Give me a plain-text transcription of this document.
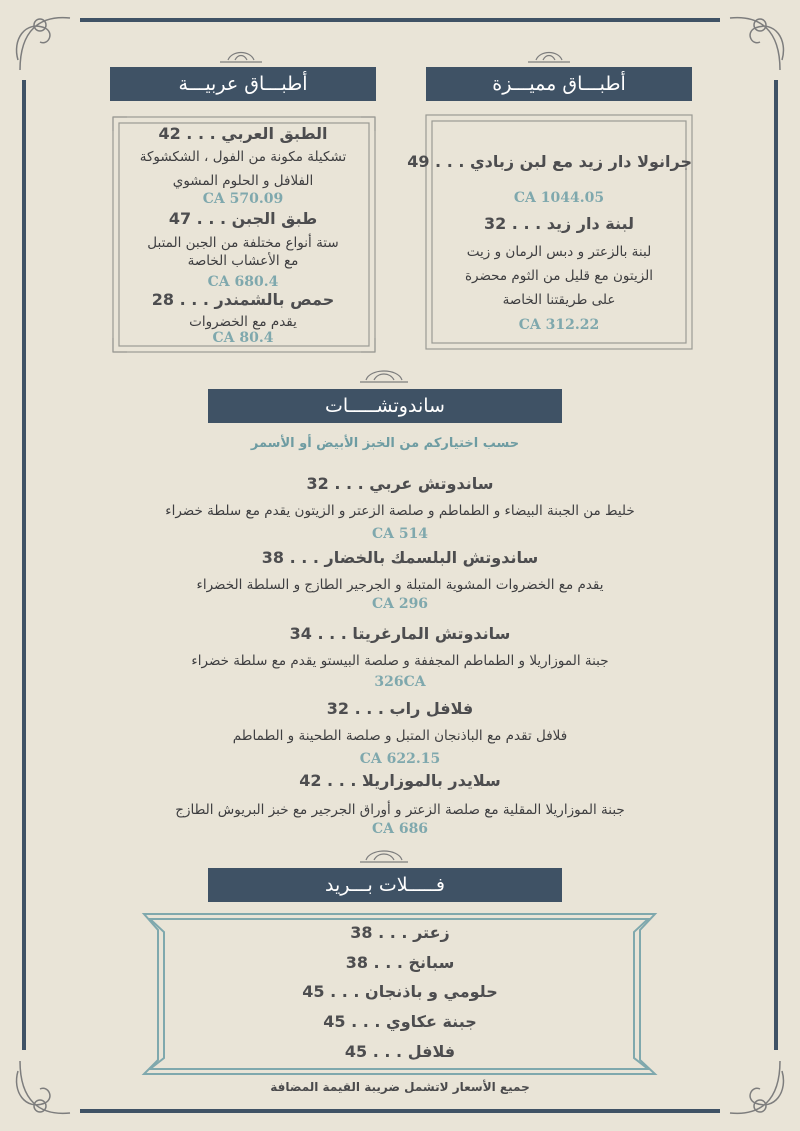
أطبـــاق مميـــزة
جرانولا دار زيد مع لبن زبادي . . . 49
1044.05 CA
لبنة دار زيد . . . 32
لبنة بالزعتر و دبس الرمان و زيت
الزيتون مع قليل من الثوم محضرة
على طريقتنا الخاصة
312.22 CA
أطبـــاق عربيـــة
الطبق العربي . . . 42
تشكيلة مكونة من الفول ، الشكشوكة
الفلافل و الحلوم المشوي
570.09 CA
طبق الجبن . . . 47
ستة أنواع مختلفة من الجبن المتبل
مع الأعشاب الخاصة
680.4 CA
حمص بالشمندر . . . 28
يقدم مع الخضروات
80.4 CA
ساندوتشـــــات
حسب اختياركم من الخبز الأبيض أو الأسمر
ساندوتش عربي . . . 32
خليط من الجبنة البيضاء و الطماطم و صلصة الزعتر و الزيتون يقدم مع سلطة خضراء
514 CA
ساندوتش البلسمك بالخضار . . . 38
يقدم مع الخضروات المشوية المتبلة و الجرجير الطازج و السلطة الخضراء
296 CA
ساندوتش المارغريتا . . . 34
جبنة الموزاريلا و الطماطم المجففة و صلصة البيستو يقدم مع سلطة خضراء
326CA
فلافل راب . . . 32
فلافل تقدم مع الباذنجان المتبل و صلصة الطحينة و الطماطم
622.15 CA
سلايدر بالموزاريلا . . . 42
جبنة الموزاريلا المقلية مع صلصة الزعتر و أوراق الجرجير مع خبز البريوش الطازج
686 CA
فـــــلات بـــريد
زعتر . . . 38
سبانخ . . . 38
حلومي و باذنجان . . . 45
جبنة عكاوي . . . 45
فلافل . . . 45
جميع الأسعار لاتشمل ضريبة القيمة المضافة
